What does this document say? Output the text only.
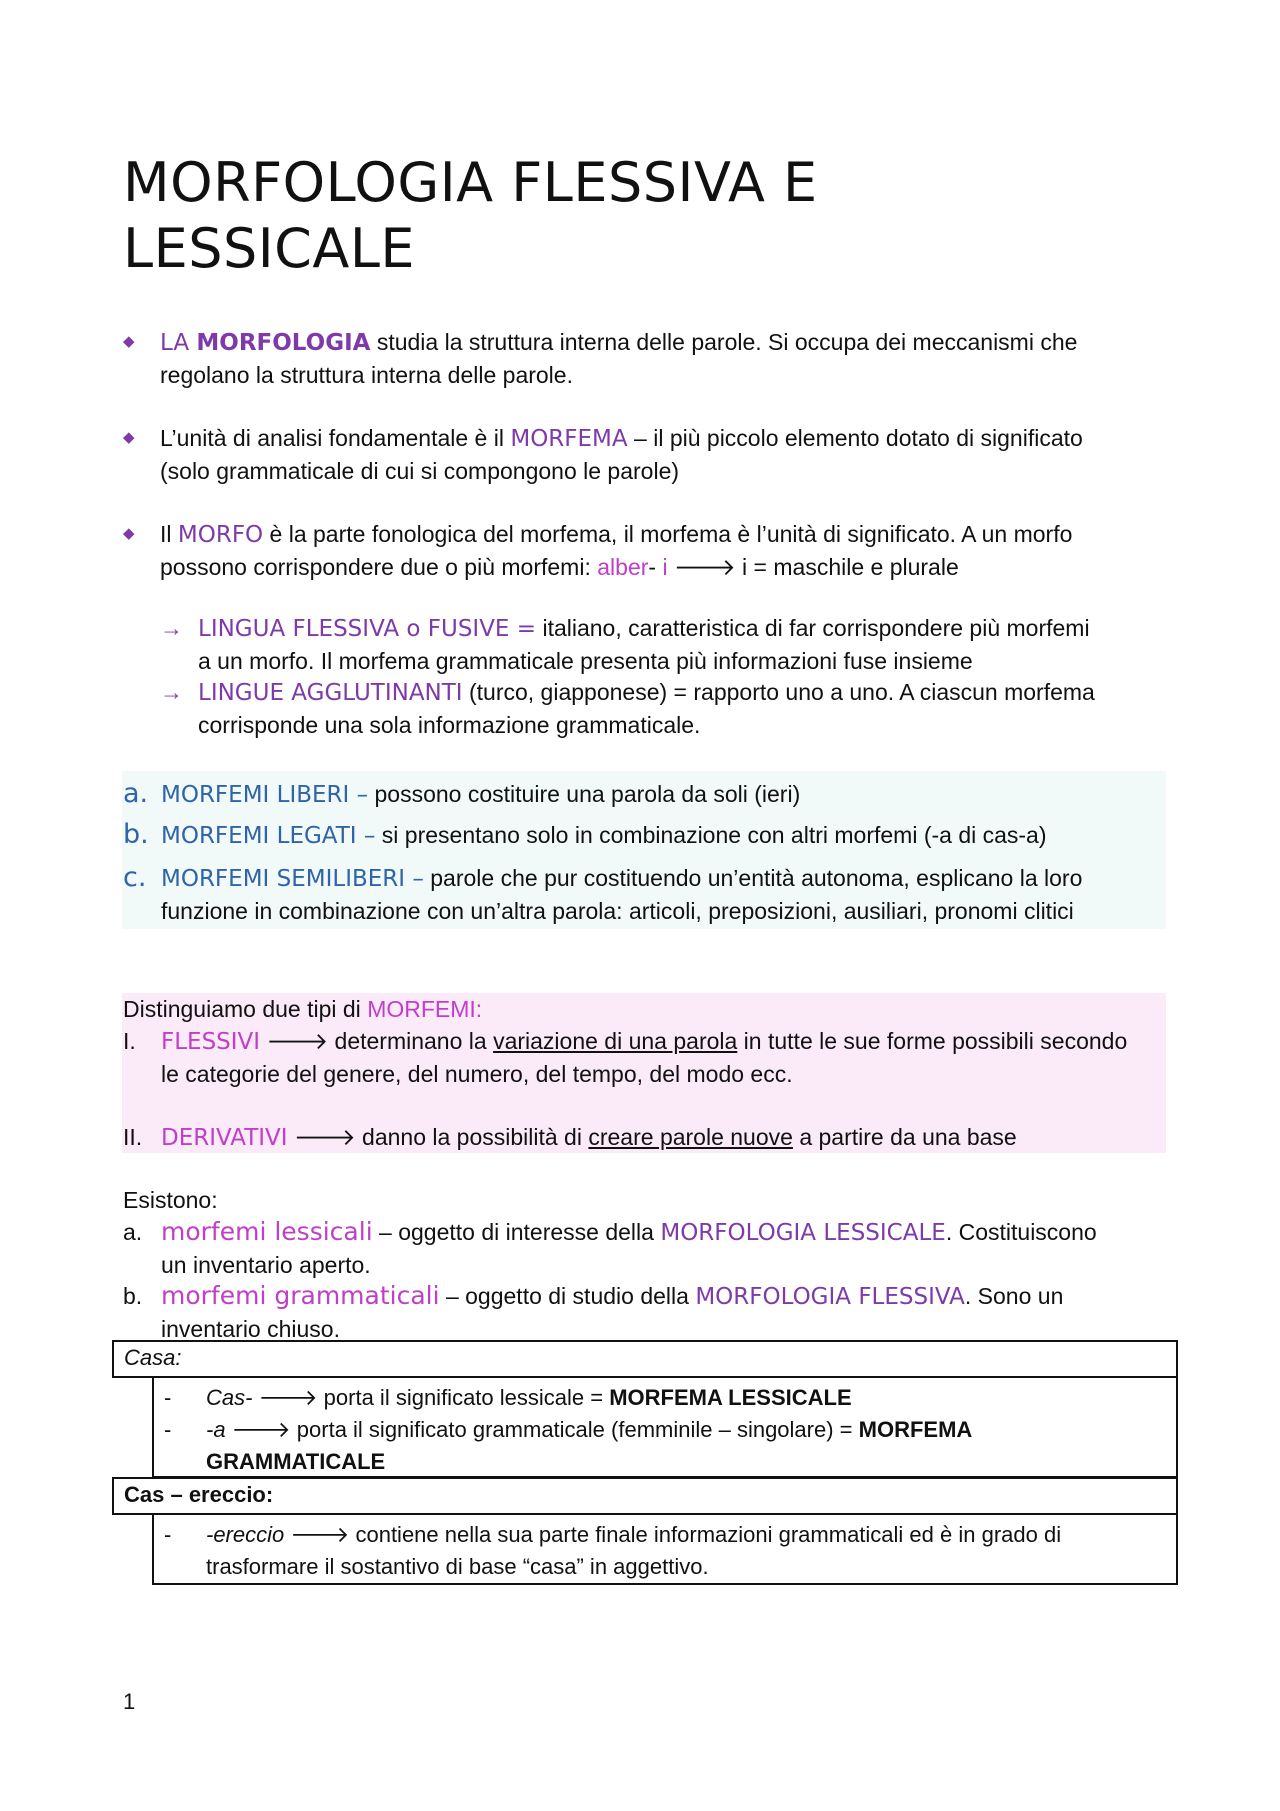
MORFOLOGIA FLESSIVA E
LESSICALE
◆ LA MORFOLOGIA studia la struttura interna delle parole. Si occupa dei meccanismi che
regolano la struttura interna delle parole.
◆ L’unità di analisi fondamentale è il MORFEMA – il più piccolo elemento dotato di significato
(solo grammaticale di cui si compongono le parole)
◆ Il MORFO è la parte fonologica del morfema, il morfema è l’unità di significato. A un morfo
possono corrispondere due o più morfemi: alber- i 🡒 i = maschile e plurale
→ LINGUA FLESSIVA o FUSIVE = italiano, caratteristica di far corrispondere più morfemi
a un morfo. Il morfema grammaticale presenta più informazioni fuse insieme
→ LINGUE AGGLUTINANTI (turco, giapponese) = rapporto uno a uno. A ciascun morfema
corrisponde una sola informazione grammaticale.
a. MORFEMI LIBERI – possono costituire una parola da soli (ieri)
b. MORFEMI LEGATI – si presentano solo in combinazione con altri morfemi (-a di cas-a)
c. MORFEMI SEMILIBERI – parole che pur costituendo un’entità autonoma, esplicano la loro
funzione in combinazione con un’altra parola: articoli, preposizioni, ausiliari, pronomi clitici
Distinguiamo due tipi di MORFEMI:
I. FLESSIVI 🡒 determinano la variazione di una parola in tutte le sue forme possibili secondo
le categorie del genere, del numero, del tempo, del modo ecc.
II. DERIVATIVI 🡒 danno la possibilità di creare parole nuove a partire da una base
Esistono:
a. morfemi lessicali – oggetto di interesse della MORFOLOGIA LESSICALE. Costituiscono
un inventario aperto.
b. morfemi grammaticali – oggetto di studio della MORFOLOGIA FLESSIVA. Sono un
inventario chiuso.
Casa:
- Cas- 🡒 porta il significato lessicale = MORFEMA LESSICALE
- -a 🡒 porta il significato grammaticale (femminile – singolare) = MORFEMA
GRAMMATICALE
Cas – ereccio:
- -ereccio 🡒 contiene nella sua parte finale informazioni grammaticali ed è in grado di
trasformare il sostantivo di base “casa” in aggettivo.
1
